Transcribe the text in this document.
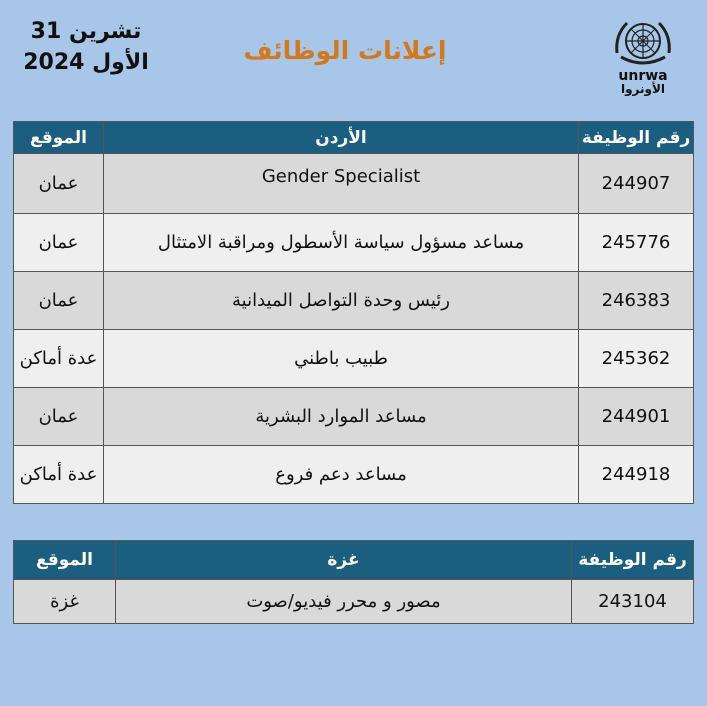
31 تشرين
الأول 2024	إعلانات الوظائف
unrwa
الأونروا
رقم الوظيفة	الأردن	الموقع
244907	Gender Specialist	عمان
245776	مساعد مسؤول سياسة الأسطول ومراقبة الامتثال	عمان
246383	رئيس وحدة التواصل الميدانية	عمان
245362	طبيب باطني	عدة أماكن
244901	مساعد الموارد البشرية	عمان
244918	مساعد دعم فروع	عدة أماكن
رقم الوظيفة	غزة	الموقع
243104	مصور و محرر فيديو/صوت	غزة
